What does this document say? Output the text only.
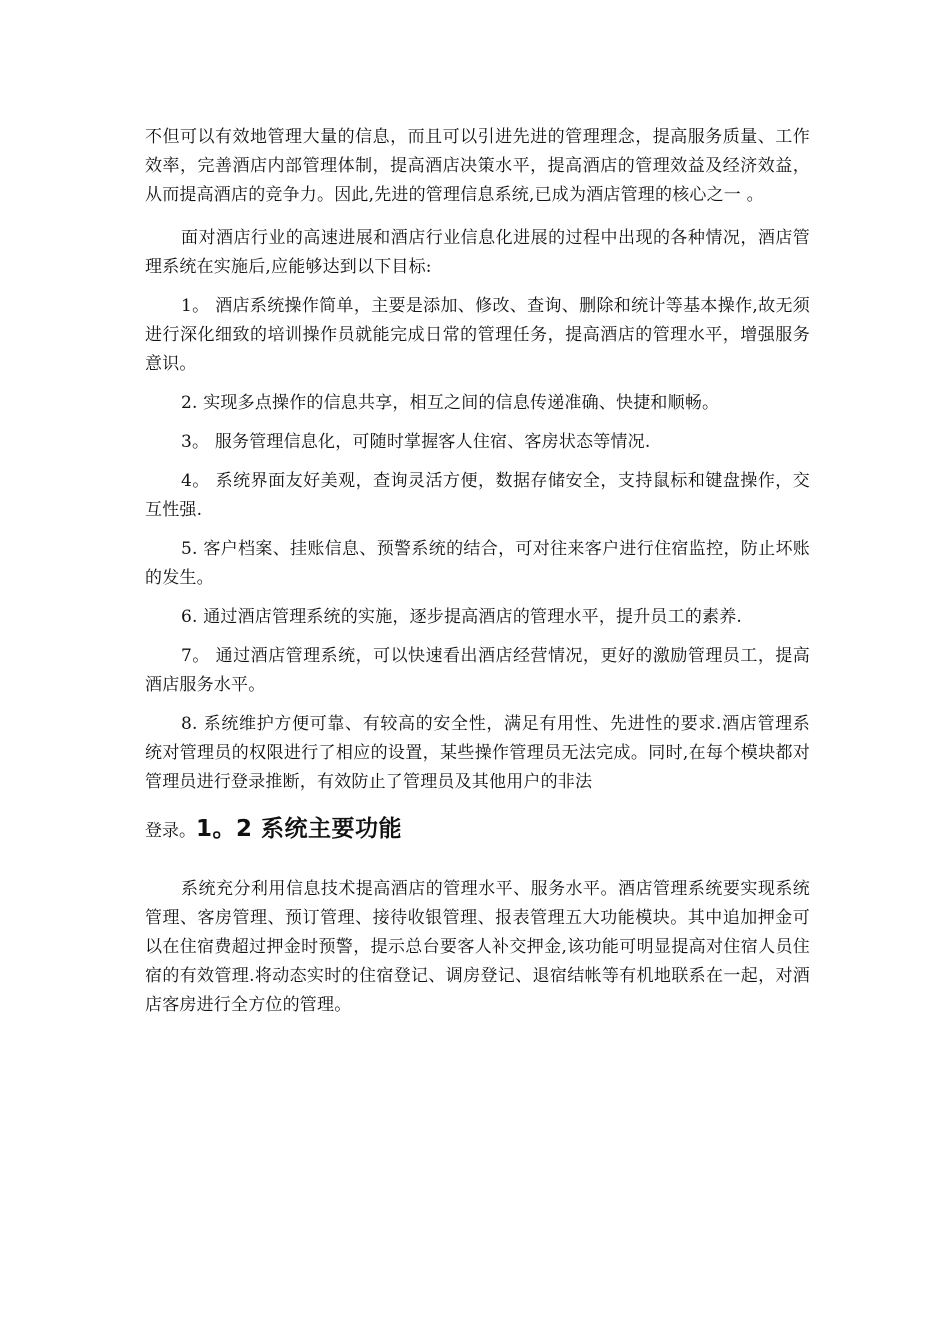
不但可以有效地管理大量的信息，而且可以引进先进的管理理念，提高服务质量、工作效率，完善酒店内部管理体制，提高酒店决策水平，提高酒店的管理效益及经济效益，从而提高酒店的竞争力。因此,先进的管理信息系统,已成为酒店管理的核心之一 。

面对酒店行业的高速进展和酒店行业信息化进展的过程中出现的各种情况，酒店管理系统在实施后,应能够达到以下目标:

1。 酒店系统操作简单，主要是添加、修改、查询、删除和统计等基本操作,故无须进行深化细致的培训操作员就能完成日常的管理任务，提高酒店的管理水平，增强服务意识。

2. 实现多点操作的信息共享，相互之间的信息传递准确、快捷和顺畅。

3。 服务管理信息化，可随时掌握客人住宿、客房状态等情况.

4。 系统界面友好美观，查询灵活方便，数据存储安全，支持鼠标和键盘操作，交互性强.

5. 客户档案、挂账信息、预警系统的结合，可对往来客户进行住宿监控，防止坏账的发生。

6. 通过酒店管理系统的实施，逐步提高酒店的管理水平，提升员工的素养.

7。 通过酒店管理系统，可以快速看出酒店经营情况，更好的激励管理员工，提高酒店服务水平。

8. 系统维护方便可靠、有较高的安全性，满足有用性、先进性的要求.酒店管理系统对管理员的权限进行了相应的设置，某些操作管理员无法完成。同时,在每个模块都对管理员进行登录推断，有效防止了管理员及其他用户的非法

登录。1。2 系统主要功能

系统充分利用信息技术提高酒店的管理水平、服务水平。酒店管理系统要实现系统管理、客房管理、预订管理、接待收银管理、报表管理五大功能模块。其中追加押金可以在住宿费超过押金时预警，提示总台要客人补交押金,该功能可明显提高对住宿人员住宿的有效管理.将动态实时的住宿登记、调房登记、退宿结帐等有机地联系在一起，对酒店客房进行全方位的管理。
